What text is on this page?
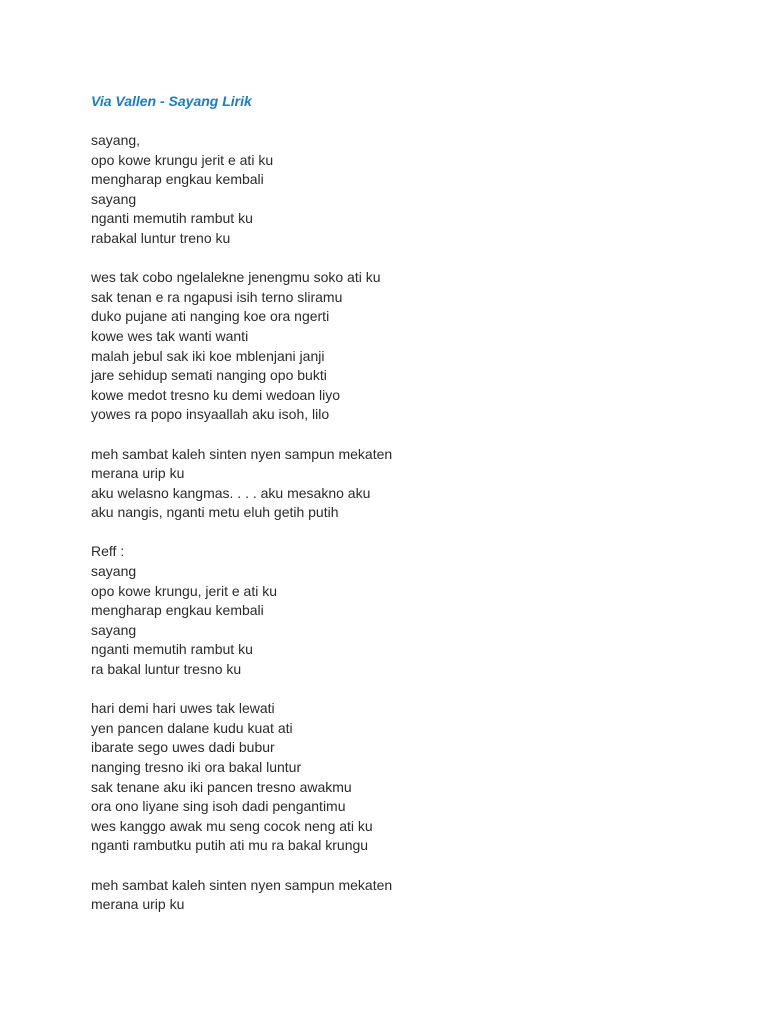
Via Vallen - Sayang Lirik
sayang,
opo kowe krungu jerit e ati ku
mengharap engkau kembali
sayang
nganti memutih rambut ku
rabakal luntur treno ku
wes tak cobo ngelalekne jenengmu soko ati ku
sak tenan e ra ngapusi isih terno sliramu
duko pujane ati nanging koe ora ngerti
kowe wes tak wanti wanti
malah jebul sak iki koe mblenjani janji
jare sehidup semati nanging opo bukti
kowe medot tresno ku demi wedoan liyo
yowes ra popo insyaallah aku isoh, lilo
meh sambat kaleh sinten nyen sampun mekaten
merana urip ku
aku welasno kangmas. . . . aku mesakno aku
aku nangis, nganti metu eluh getih putih
Reff :
sayang
opo kowe krungu, jerit e ati ku
mengharap engkau kembali
sayang
nganti memutih rambut ku
ra bakal luntur tresno ku
hari demi hari uwes tak lewati
yen pancen dalane kudu kuat ati
ibarate sego uwes dadi bubur
nanging tresno iki ora bakal luntur
sak tenane aku iki pancen tresno awakmu
ora ono liyane sing isoh dadi pengantimu
wes kanggo awak mu seng cocok neng ati ku
nganti rambutku putih ati mu ra bakal krungu
meh sambat kaleh sinten nyen sampun mekaten
merana urip ku
